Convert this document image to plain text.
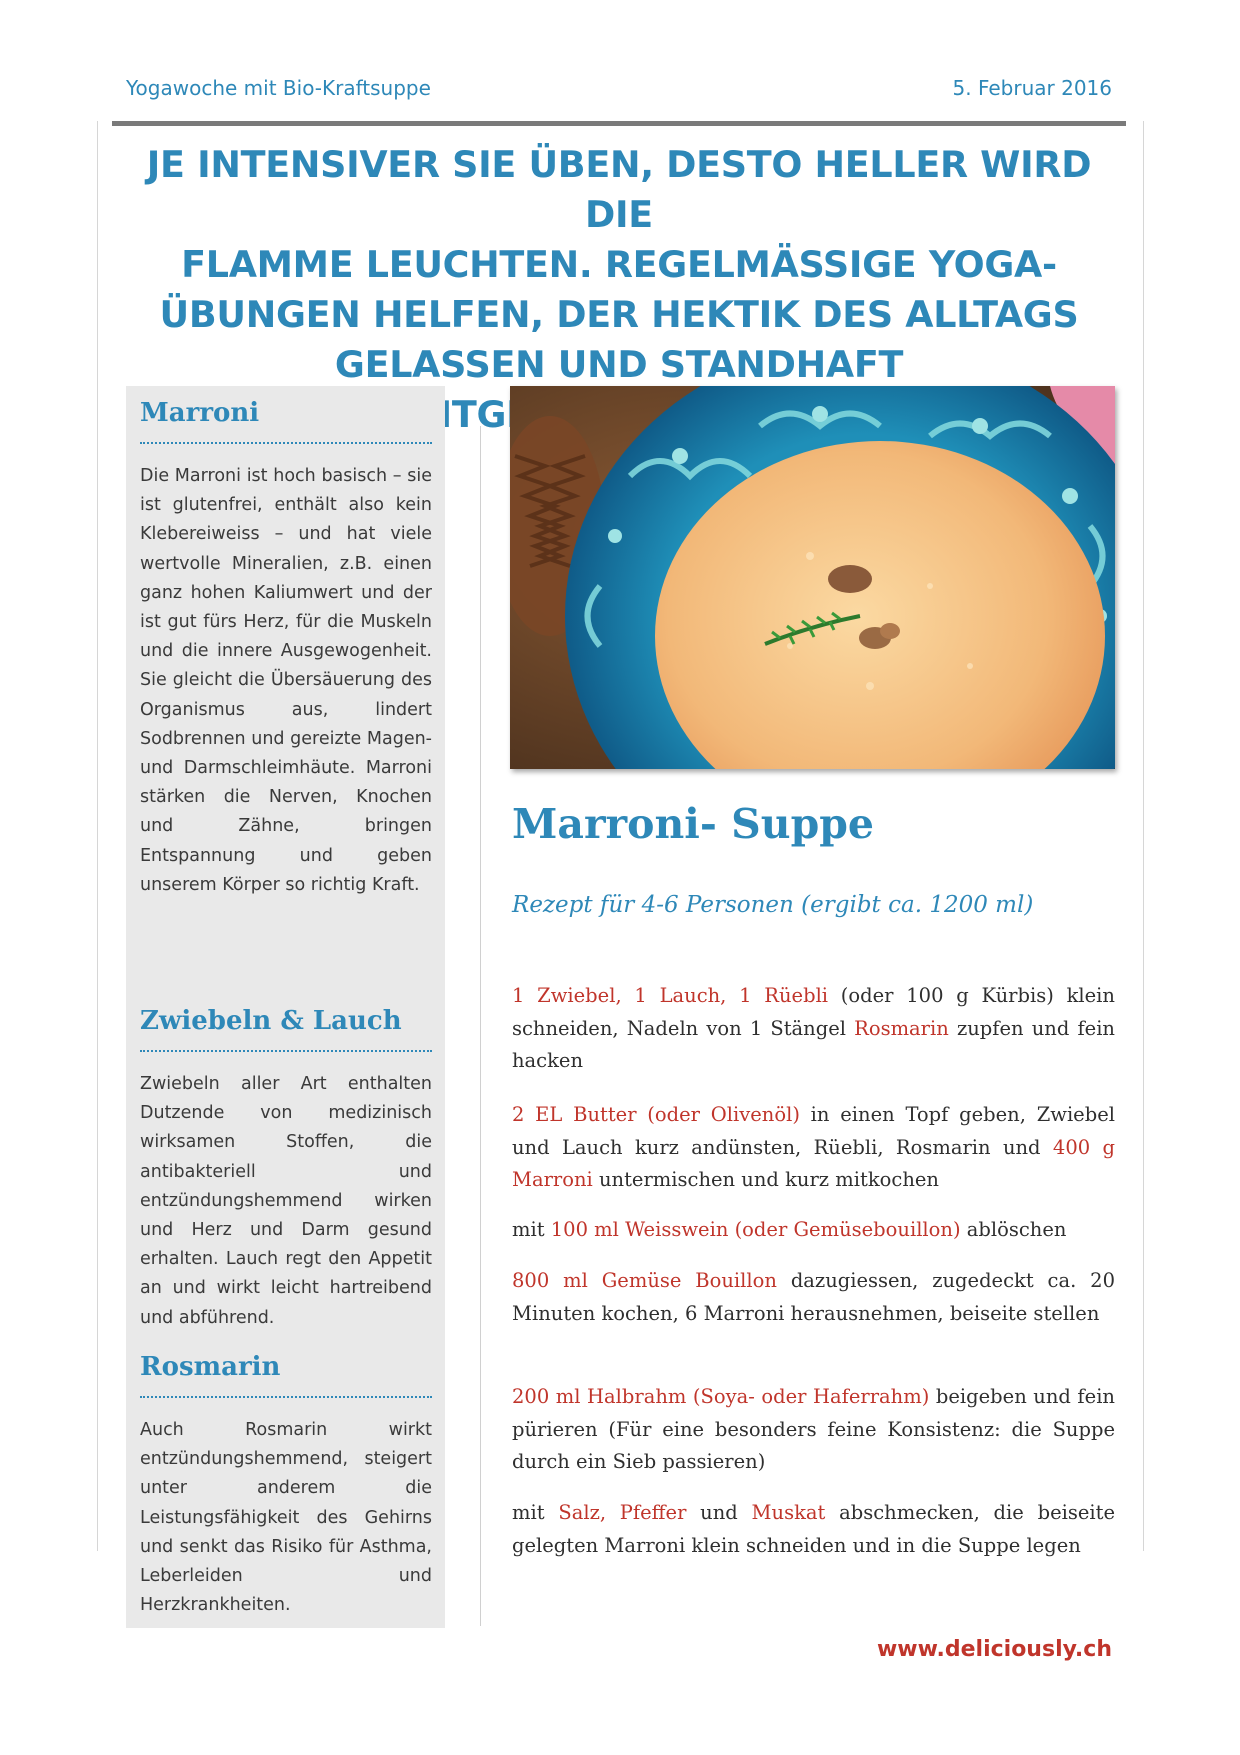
Yogawoche mit Bio-Kraftsuppe	5. Februar 2016
JE INTENSIVER SIE ÜBEN, DESTO HELLER WIRD DIE
FLAMME LEUCHTEN. REGELMÄSSIGE YOGA-
ÜBUNGEN HELFEN, DER HEKTIK DES ALLTAGS
GELASSEN UND STANDHAFT
Marroni
Die Marroni ist hoch basisch – sie ist glutenfrei, enthält also kein Klebereiweiss – und hat viele wertvolle Mineralien, z.B. einen ganz hohen Kaliumwert und der ist gut fürs Herz, für die Muskeln und die innere Ausgewogenheit. Sie gleicht die Übersäuerung des Organismus aus, lindert Sodbrennen und gereizte Magen- und Darmschleimhäute. Marroni stärken die Nerven, Knochen und Zähne, bringen Entspannung und geben unserem Körper so richtig Kraft.
Zwiebeln & Lauch
Zwiebeln aller Art enthalten Dutzende von medizinisch wirksamen Stoffen, die antibakteriell und entzündungshemmend wirken und Herz und Darm gesund erhalten. Lauch regt den Appetit an und wirkt leicht hartreibend und abführend.
Rosmarin
Auch Rosmarin wirkt entzündungshemmend, steigert unter anderem die Leistungsfähigkeit des Gehirns und senkt das Risiko für Asthma, Leberleiden und Herzkrankheiten.
Marroni- Suppe
Rezept für 4-6 Personen (ergibt ca. 1200 ml)
1 Zwiebel, 1 Lauch, 1 Rüebli (oder 100 g Kürbis) klein schneiden, Nadeln von 1 Stängel Rosmarin zupfen und fein hacken
2 EL Butter (oder Olivenöl) in einen Topf geben, Zwiebel und Lauch kurz andünsten, Rüebli, Rosmarin und 400 g Marroni untermischen und kurz mitkochen
mit 100 ml Weisswein (oder Gemüsebouillon) ablöschen
800 ml Gemüse Bouillon dazugiessen, zugedeckt ca. 20 Minuten kochen, 6 Marroni herausnehmen, beiseite stellen
200 ml Halbrahm (Soya- oder Haferrahm) beigeben und fein pürieren (Für eine besonders feine Konsistenz: die Suppe durch ein Sieb passieren)
mit Salz, Pfeffer und Muskat abschmecken, die beiseite gelegten Marroni klein schneiden und in die Suppe legen
www.deliciously.ch
